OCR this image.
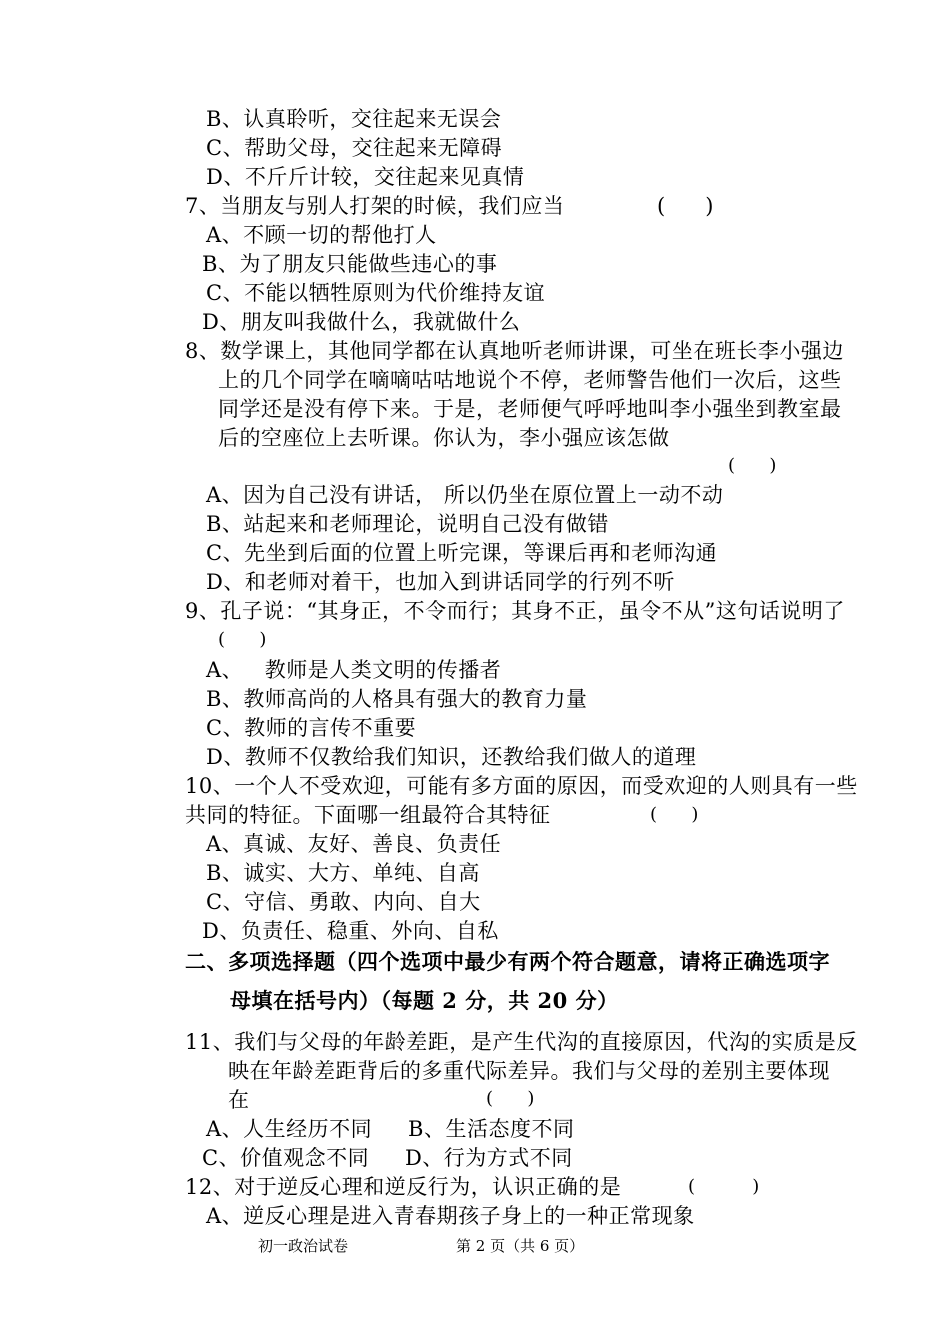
B、认真聆听，交往起来无误会
C、帮助父母，交往起来无障碍
D、不斤斤计较，交往起来见真情
7、当朋友与别人打架的时候，我们应当	(      )
A、不顾一切的帮他打人
B、为了朋友只能做些违心的事
C、不能以牺牲原则为代价维持友谊
D、朋友叫我做什么，我就做什么
8、数学课上，其他同学都在认真地听老师讲课，可坐在班长李小强边
上的几个同学在嘀嘀咕咕地说个不停，老师警告他们一次后，这些
同学还是没有停下来。于是，老师便气呼呼地叫李小强坐到教室最
后的空座位上去听课。你认为，李小强应该怎做
(      )
A、因为自己没有讲话， 所以仍坐在原位置上一动不动
B、站起来和老师理论，说明自己没有做错
C、先坐到后面的位置上听完课，等课后再和老师沟通
D、和老师对着干，也加入到讲话同学的行列不听
9、孔子说：“其身正，不令而行；其身不正，虽令不从”这句话说明了
(      )
A、   教师是人类文明的传播者
B、教师高尚的人格具有强大的教育力量
C、教师的言传不重要
D、教师不仅教给我们知识，还教给我们做人的道理
10、一个人不受欢迎，可能有多方面的原因，而受欢迎的人则具有一些
共同的特征。下面哪一组最符合其特征	(      )
A、真诚、友好、善良、负责任
B、诚实、大方、单纯、自高
C、守信、勇敢、内向、自大
D、负责任、稳重、外向、自私
二、多项选择题（四个选项中最少有两个符合题意，请将正确选项字
母填在括号内）（每题 2 分，共 20 分）
11、我们与父母的年龄差距，是产生代沟的直接原因，代沟的实质是反
映在年龄差距背后的多重代际差异。我们与父母的差别主要体现
在	(      )
A、人生经历不同     B、生活态度不同
C、价值观念不同     D、行为方式不同
12、对于逆反心理和逆反行为，认识正确的是	(          )
A、逆反心理是进入青春期孩子身上的一种正常现象
初一政治试卷	第 2 页（共 6 页）
